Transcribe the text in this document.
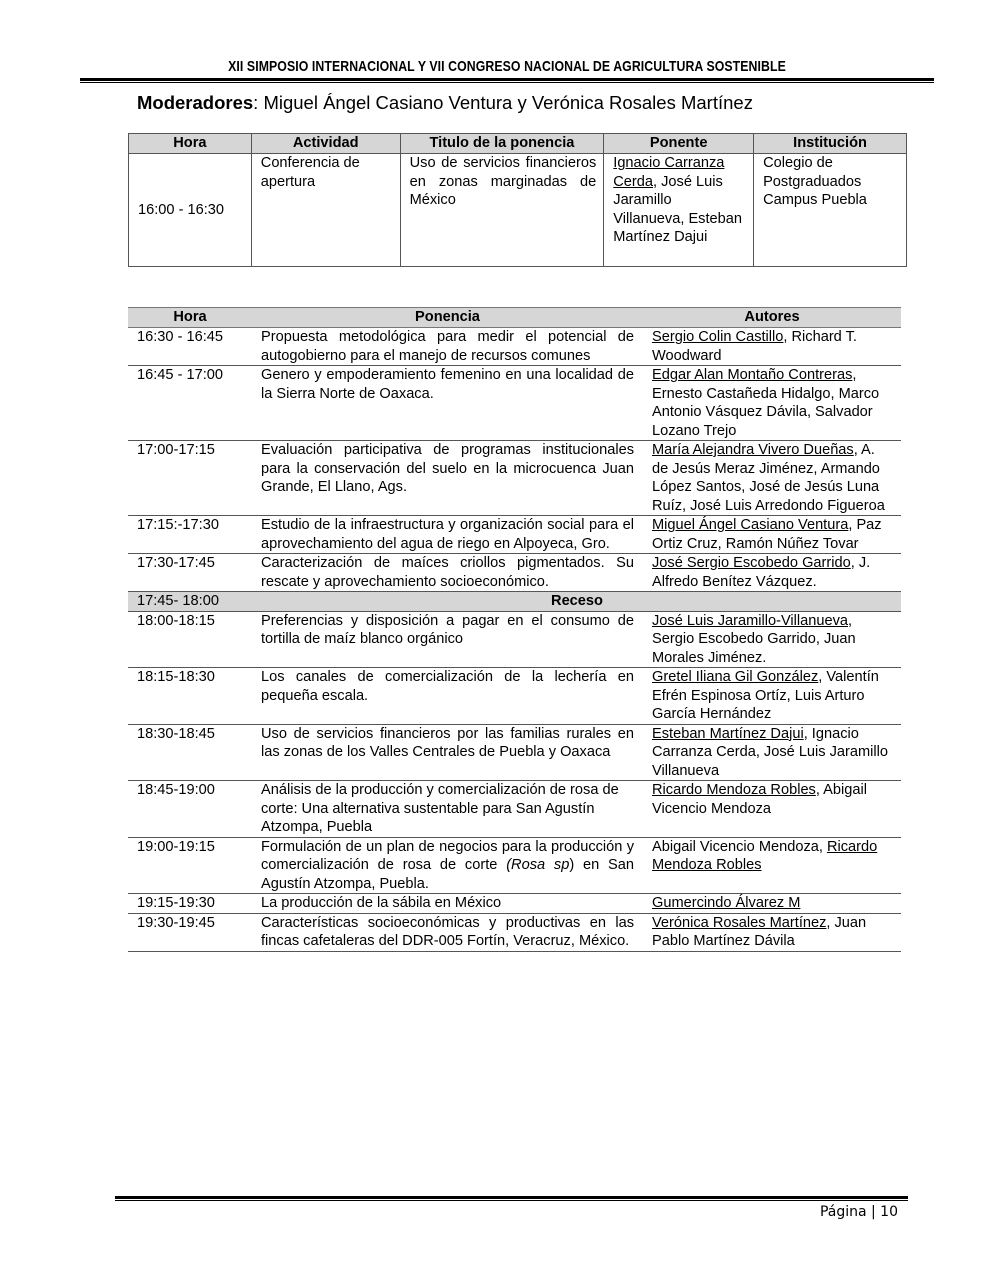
XII SIMPOSIO INTERNACIONAL Y VII CONGRESO NACIONAL DE AGRICULTURA SOSTENIBLE
Moderadores: Miguel Ángel Casiano Ventura y Verónica Rosales Martínez
Hora	Actividad	Titulo de la ponencia	Ponente	Institución
16:00 - 16:30	Conferencia de apertura	Uso de servicios financieros en zonas marginadas de México	Ignacio Carranza Cerda, José Luis Jaramillo Villanueva, Esteban Martínez Dajui	Colegio de Postgraduados Campus Puebla
Hora	Ponencia	Autores
16:30 - 16:45	Propuesta metodológica para medir el potencial de autogobierno para el manejo de recursos comunes	Sergio Colin Castillo, Richard T. Woodward
16:45 - 17:00	Genero y empoderamiento femenino en una localidad de la Sierra Norte de Oaxaca.	Edgar Alan Montaño Contreras, Ernesto Castañeda Hidalgo, Marco Antonio Vásquez Dávila, Salvador Lozano Trejo
17:00-17:15	Evaluación participativa de programas institucionales para la conservación del suelo en la microcuenca Juan Grande, El Llano, Ags.	María Alejandra Vivero Dueñas, A. de Jesús Meraz Jiménez, Armando López Santos, José de Jesús Luna Ruíz, José Luis Arredondo Figueroa
17:15:-17:30	Estudio de la infraestructura y organización social para el aprovechamiento del agua de riego en Alpoyeca, Gro.	Miguel Ángel Casiano Ventura, Paz Ortiz Cruz, Ramón Núñez Tovar
17:30-17:45	Caracterización de maíces criollos pigmentados. Su rescate y aprovechamiento socioeconómico.	José Sergio Escobedo Garrido, J. Alfredo Benítez Vázquez.
17:45- 18:00	Receso	
18:00-18:15	Preferencias y disposición a pagar en el consumo de tortilla de maíz blanco orgánico	José Luis Jaramillo-Villanueva, Sergio Escobedo Garrido, Juan Morales Jiménez.
18:15-18:30	Los canales de comercialización de la lechería en pequeña escala.	Gretel Iliana Gil González, Valentín Efrén Espinosa Ortíz, Luis Arturo García Hernández
18:30-18:45	Uso de servicios financieros por las familias rurales en las zonas de los Valles Centrales de Puebla y Oaxaca	Esteban Martínez Dajui, Ignacio Carranza Cerda, José Luis Jaramillo Villanueva
18:45-19:00	Análisis de la producción y comercialización de rosa de corte: Una alternativa sustentable para San Agustín Atzompa, Puebla	Ricardo Mendoza Robles, Abigail Vicencio Mendoza
19:00-19:15	Formulación de un plan de negocios para la producción y comercialización de rosa de corte (Rosa sp) en San Agustín Atzompa, Puebla.	Abigail Vicencio Mendoza, Ricardo Mendoza Robles
19:15-19:30	La producción de la sábila en México	Gumercindo Álvarez M
19:30-19:45	Características socioeconómicas y productivas en las fincas cafetaleras del DDR-005 Fortín, Veracruz, México.	Verónica Rosales Martínez, Juan Pablo Martínez Dávila
Página | 10
